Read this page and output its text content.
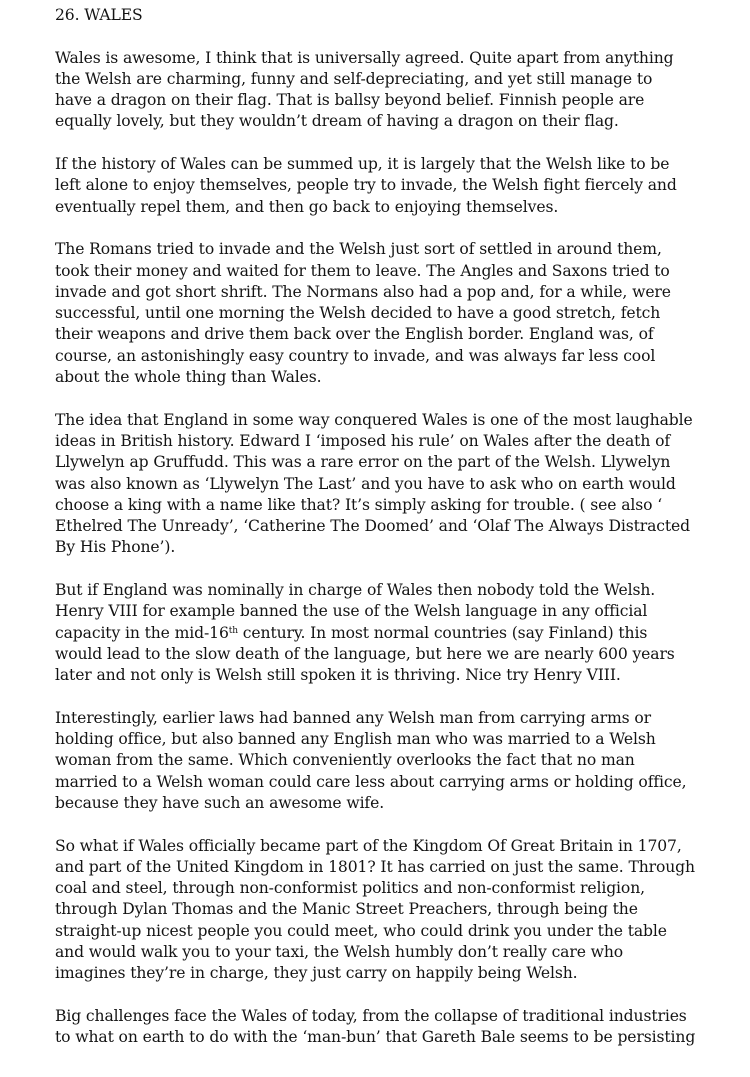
26. WALES
Wales is awesome, I think that is universally agreed. Quite apart from anything
the Welsh are charming, funny and self-depreciating, and yet still manage to
have a dragon on their flag. That is ballsy beyond belief. Finnish people are
equally lovely, but they wouldn’t dream of having a dragon on their flag.
If the history of Wales can be summed up, it is largely that the Welsh like to be
left alone to enjoy themselves, people try to invade, the Welsh fight fiercely and
eventually repel them, and then go back to enjoying themselves.
The Romans tried to invade and the Welsh just sort of settled in around them,
took their money and waited for them to leave. The Angles and Saxons tried to
invade and got short shrift. The Normans also had a pop and, for a while, were
successful, until one morning the Welsh decided to have a good stretch, fetch
their weapons and drive them back over the English border. England was, of
course, an astonishingly easy country to invade, and was always far less cool
about the whole thing than Wales.
The idea that England in some way conquered Wales is one of the most laughable
ideas in British history. Edward I ‘imposed his rule’ on Wales after the death of
Llywelyn ap Gruffudd. This was a rare error on the part of the Welsh. Llywelyn
was also known as ‘Llywelyn The Last’ and you have to ask who on earth would
choose a king with a name like that? It’s simply asking for trouble. ( see also ‘
Ethelred The Unready’, ‘Catherine The Doomed’ and ‘Olaf The Always Distracted
By His Phone’).
But if England was nominally in charge of Wales then nobody told the Welsh.
Henry VIII for example banned the use of the Welsh language in any official
capacity in the mid-16th century. In most normal countries (say Finland) this
would lead to the slow death of the language, but here we are nearly 600 years
later and not only is Welsh still spoken it is thriving. Nice try Henry VIII.
Interestingly, earlier laws had banned any Welsh man from carrying arms or
holding office, but also banned any English man who was married to a Welsh
woman from the same. Which conveniently overlooks the fact that no man
married to a Welsh woman could care less about carrying arms or holding office,
because they have such an awesome wife.
So what if Wales officially became part of the Kingdom Of Great Britain in 1707,
and part of the United Kingdom in 1801? It has carried on just the same. Through
coal and steel, through non-conformist politics and non-conformist religion,
through Dylan Thomas and the Manic Street Preachers, through being the
straight-up nicest people you could meet, who could drink you under the table
and would walk you to your taxi, the Welsh humbly don’t really care who
imagines they’re in charge, they just carry on happily being Welsh.
Big challenges face the Wales of today, from the collapse of traditional industries
to what on earth to do with the ‘man-bun’ that Gareth Bale seems to be persisting
